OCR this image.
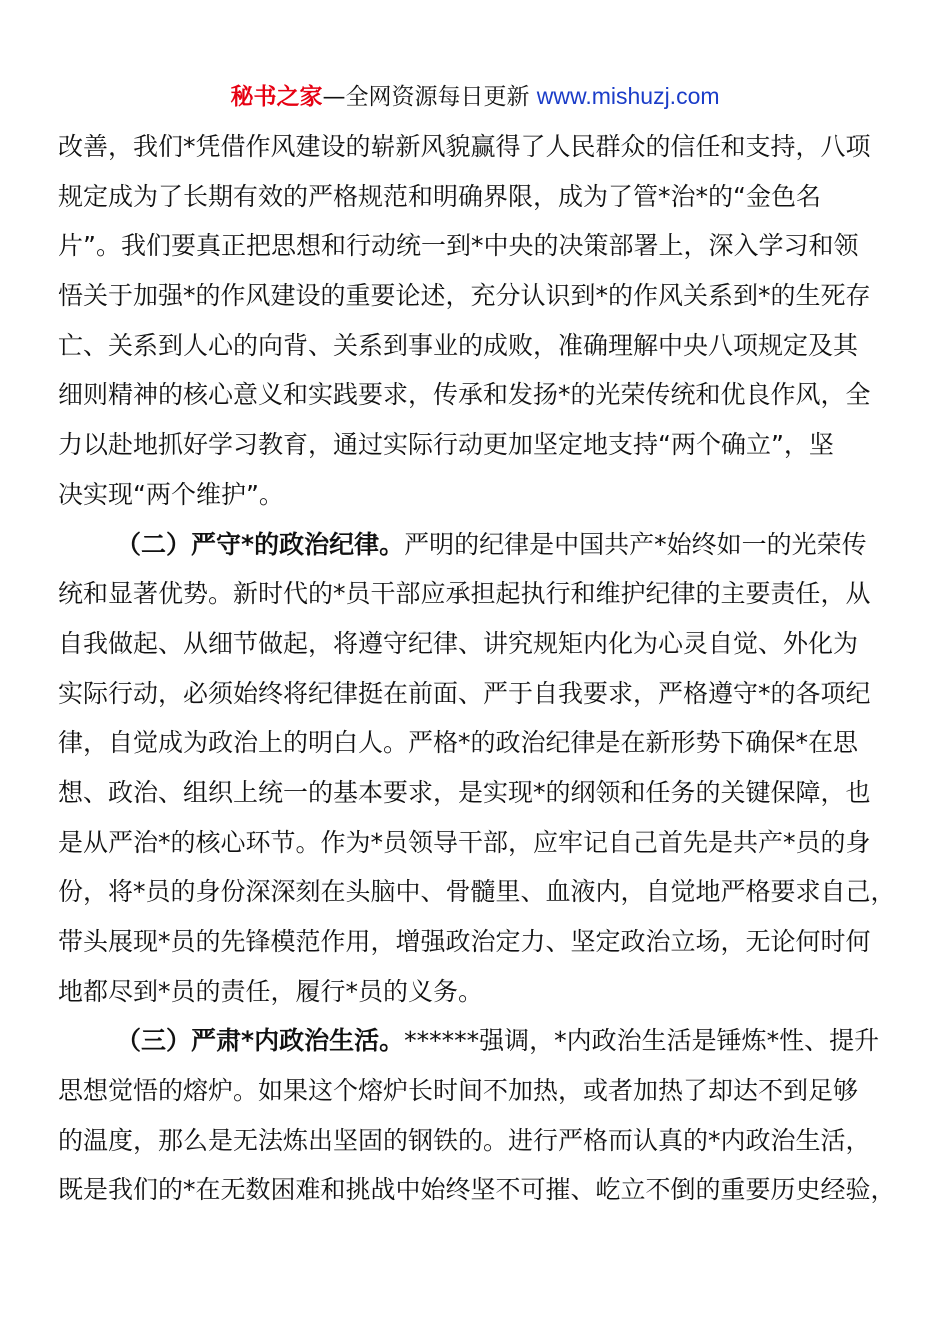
秘书之家—全网资源每日更新 www.mishuzj.com
改善，我们*凭借作风建设的崭新风貌赢得了人民群众的信任和支持，八项
规定成为了长期有效的严格规范和明确界限，成为了管*治*的“金色名
片”。我们要真正把思想和行动统一到*中央的决策部署上，深入学习和领
悟关于加强*的作风建设的重要论述，充分认识到*的作风关系到*的生死存
亡、关系到人心的向背、关系到事业的成败，准确理解中央八项规定及其
细则精神的核心意义和实践要求，传承和发扬*的光荣传统和优良作风，全
力以赴地抓好学习教育，通过实际行动更加坚定地支持“两个确立”，坚
决实现“两个维护”。
（二）严守*的政治纪律。严明的纪律是中国共产*始终如一的光荣传
统和显著优势。新时代的*员干部应承担起执行和维护纪律的主要责任，从
自我做起、从细节做起，将遵守纪律、讲究规矩内化为心灵自觉、外化为
实际行动，必须始终将纪律挺在前面、严于自我要求，严格遵守*的各项纪
律，自觉成为政治上的明白人。严格*的政治纪律是在新形势下确保*在思
想、政治、组织上统一的基本要求，是实现*的纲领和任务的关键保障，也
是从严治*的核心环节。作为*员领导干部，应牢记自己首先是共产*员的身
份，将*员的身份深深刻在头脑中、骨髓里、血液内，自觉地严格要求自己，
带头展现*员的先锋模范作用，增强政治定力、坚定政治立场，无论何时何
地都尽到*员的责任，履行*员的义务。
（三）严肃*内政治生活。******强调，*内政治生活是锤炼*性、提升
思想觉悟的熔炉。如果这个熔炉长时间不加热，或者加热了却达不到足够
的温度，那么是无法炼出坚固的钢铁的。进行严格而认真的*内政治生活，
既是我们的*在无数困难和挑战中始终坚不可摧、屹立不倒的重要历史经验，
